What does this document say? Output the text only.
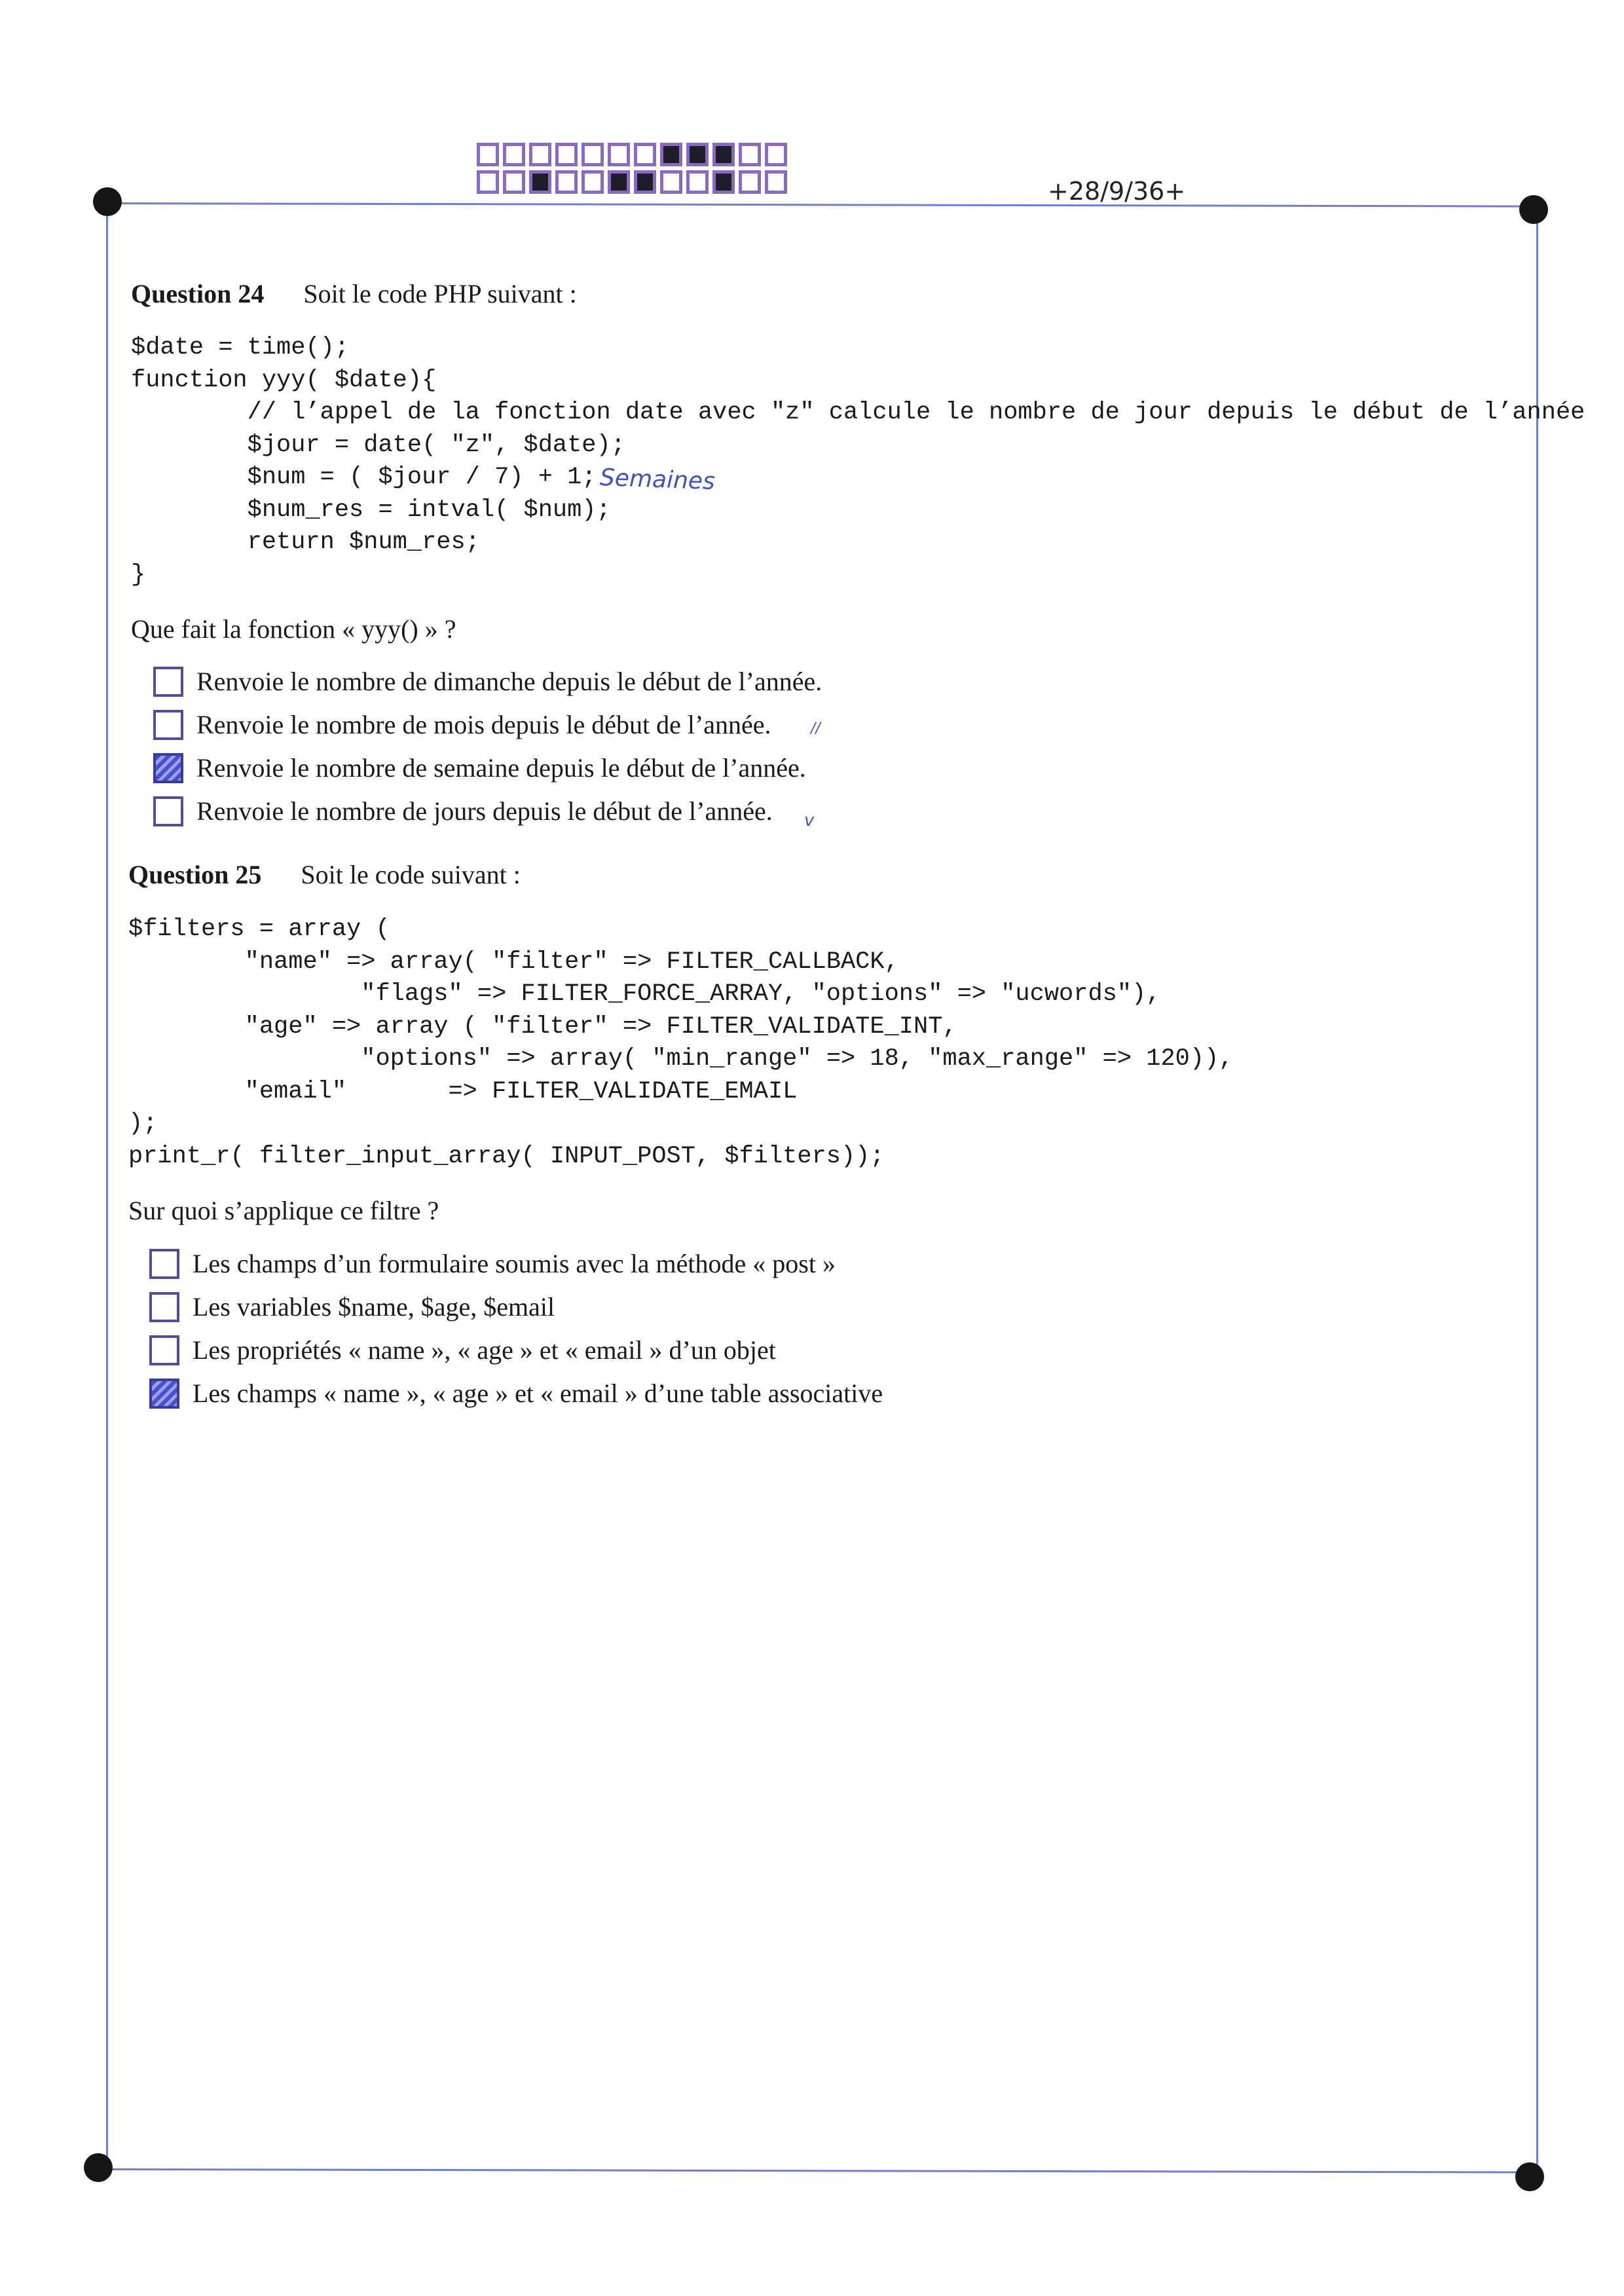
+28/9/36+
Question 24 Soit le code PHP suivant :
$date = time();
function yyy( $date){
// l’appel de la fonction date avec "z" calcule le nombre de jour depuis le début de l’année
$jour = date( "z", $date);
$num = ( $jour / 7) + 1;
$num_res = intval( $num);
return $num_res;
}
Semaines
Que fait la fonction « yyy() » ?
Renvoie le nombre de dimanche depuis le début de l’année.
Renvoie le nombre de mois depuis le début de l’année.
Renvoie le nombre de semaine depuis le début de l’année.
Renvoie le nombre de jours depuis le début de l’année.
//
v
Question 25 Soit le code suivant :
$filters = array (
"name" => array( "filter" => FILTER_CALLBACK,
"flags" => FILTER_FORCE_ARRAY, "options" => "ucwords"),
"age" => array ( "filter" => FILTER_VALIDATE_INT,
"options" => array( "min_range" => 18, "max_range" => 120)),
"email"       => FILTER_VALIDATE_EMAIL
);
print_r( filter_input_array( INPUT_POST, $filters));
Sur quoi s’applique ce filtre ?
Les champs d’un formulaire soumis avec la méthode « post »
Les variables $name, $age, $email
Les propriétés « name », « age » et « email » d’un objet
Les champs « name », « age » et « email » d’une table associative
